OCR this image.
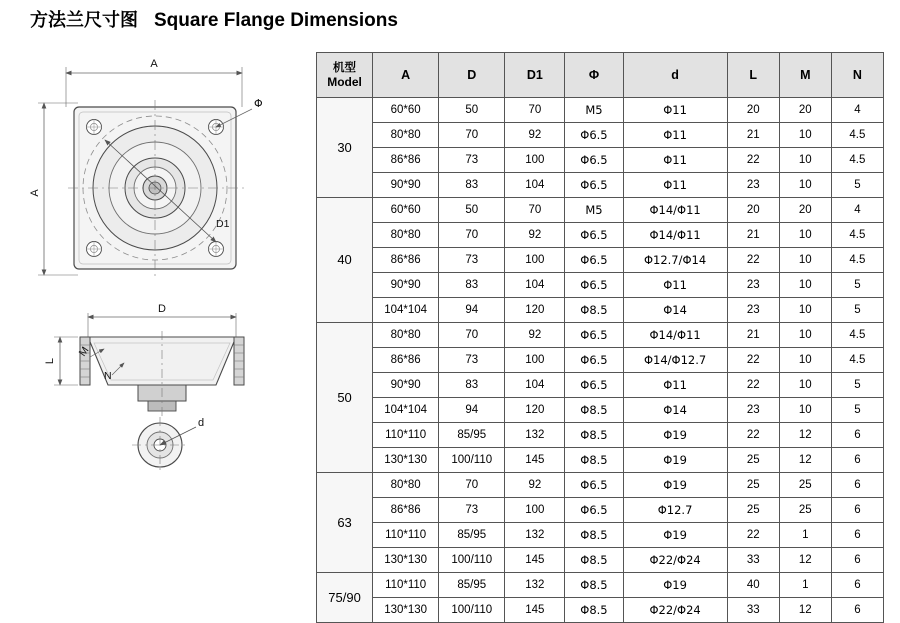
方法兰尺寸图 Square Flange Dimensions
A
A
Φ
D1
D
L
M
N
d
机型
Model	A	D	D1	Φ	d	L	M	N
30	60*60	50	70	M5	Φ11	20	20	4
	80*80	70	92	Φ6.5	Φ11	21	10	4.5
	86*86	73	100	Φ6.5	Φ11	22	10	4.5
	90*90	83	104	Φ6.5	Φ11	23	10	5
40	60*60	50	70	M5	Φ14/Φ11	20	20	4
	80*80	70	92	Φ6.5	Φ14/Φ11	21	10	4.5
	86*86	73	100	Φ6.5	Φ12.7/Φ14	22	10	4.5
	90*90	83	104	Φ6.5	Φ11	23	10	5
	104*104	94	120	Φ8.5	Φ14	23	10	5
50	80*80	70	92	Φ6.5	Φ14/Φ11	21	10	4.5
	86*86	73	100	Φ6.5	Φ14/Φ12.7	22	10	4.5
	90*90	83	104	Φ6.5	Φ11	22	10	5
	104*104	94	120	Φ8.5	Φ14	23	10	5
	110*110	85/95	132	Φ8.5	Φ19	22	12	6
	130*130	100/110	145	Φ8.5	Φ19	25	12	6
63	80*80	70	92	Φ6.5	Φ19	25	25	6
	86*86	73	100	Φ6.5	Φ12.7	25	25	6
	110*110	85/95	132	Φ8.5	Φ19	22	1	6
	130*130	100/110	145	Φ8.5	Φ22/Φ24	33	12	6
75/90	110*110	85/95	132	Φ8.5	Φ19	40	1	6
	130*130	100/110	145	Φ8.5	Φ22/Φ24	33	12	6
